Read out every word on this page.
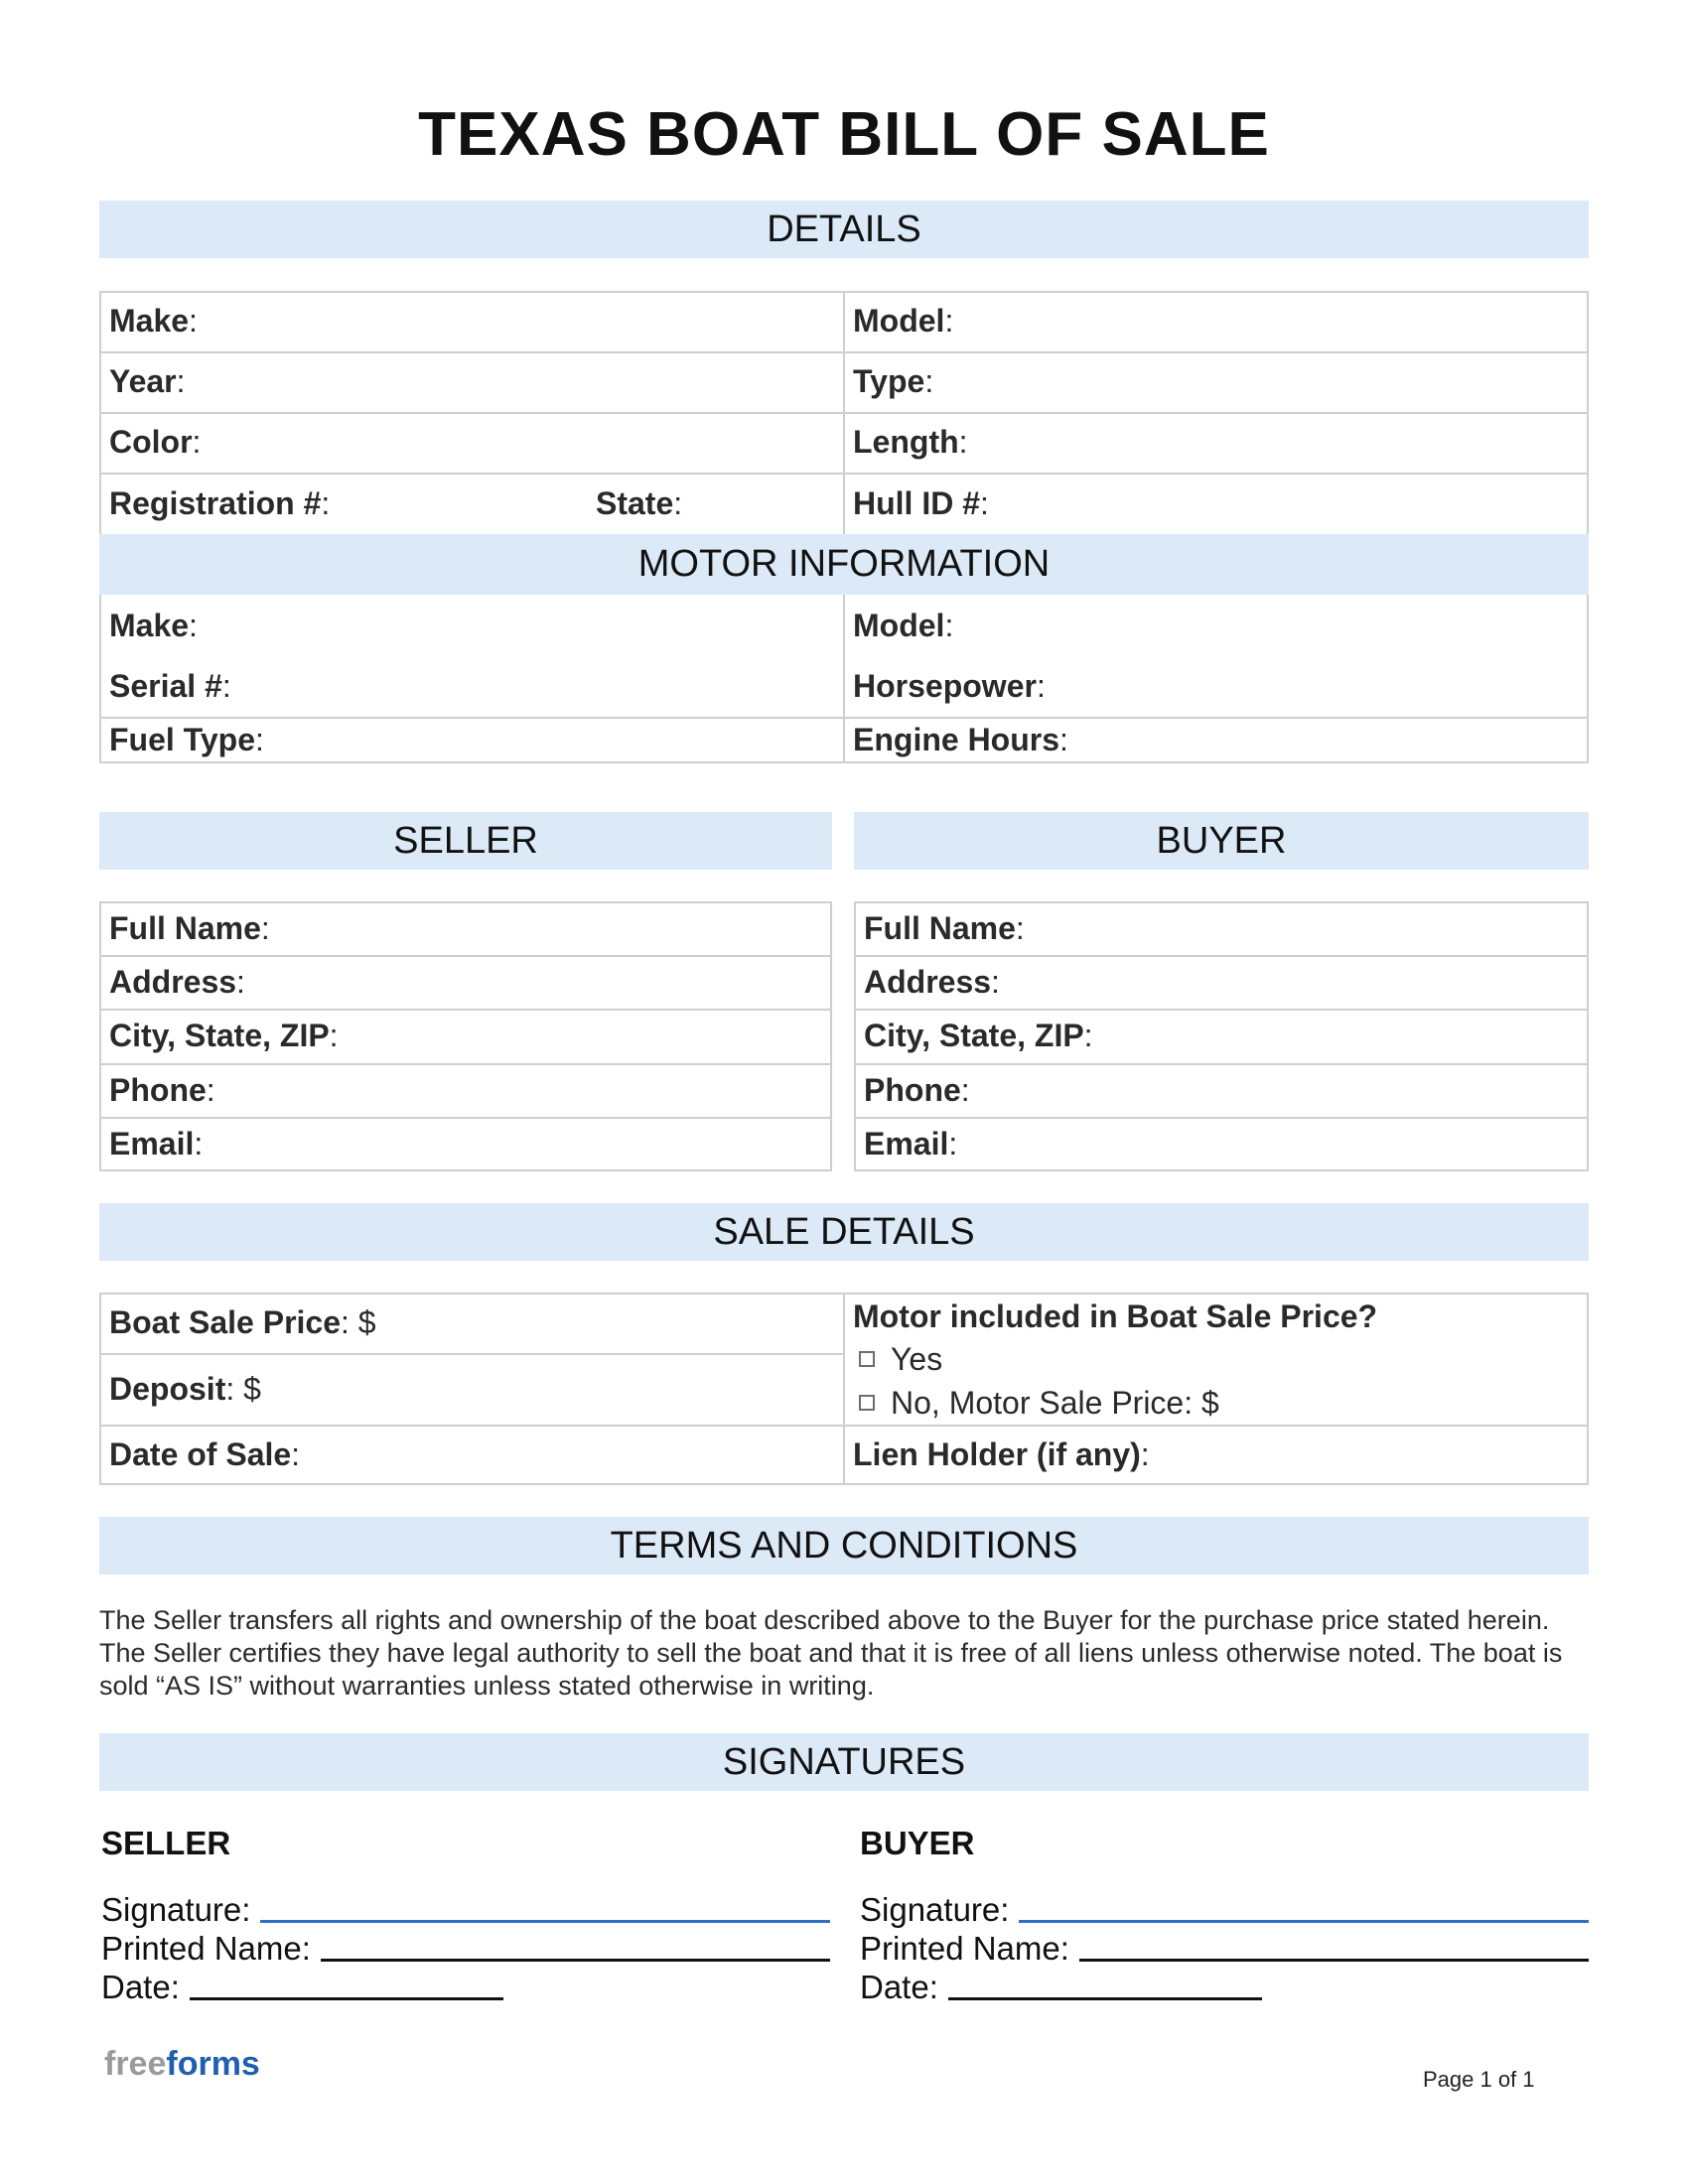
TEXAS BOAT BILL OF SALE
DETAILS
Make :	Model :
Year :	Type :
Color :	Length :
Registration # :	State :	Hull ID # :
MOTOR INFORMATION
Make :	Model :
Serial # :	Horsepower :
Fuel Type :	Engine Hours :
SELLER	BUYER
Full Name :
Address :
City, State, ZIP :
Phone :
Email :
Full Name :
Address :
City, State, ZIP :
Phone :
Email :
SALE DETAILS
Boat Sale Price : $
Deposit : $
Date of Sale :
Motor included in Boat Sale Price?
Yes
No,
Motor Sale Price: $
Lien Holder (if any) :
TERMS AND CONDITIONS
The Seller transfers all rights and ownership of the boat described above to the Buyer for the purchase price stated herein. The Seller certifies they have legal authority to sell the boat and that it is free of all liens unless otherwise noted. The boat is sold “AS IS” without warranties unless stated otherwise in writing.
SIGNATURES
SELLER	BUYER
Signature:
Printed Name:
Date:
Signature:
Printed Name:
Date:
freeforms	Page 1 of 1
